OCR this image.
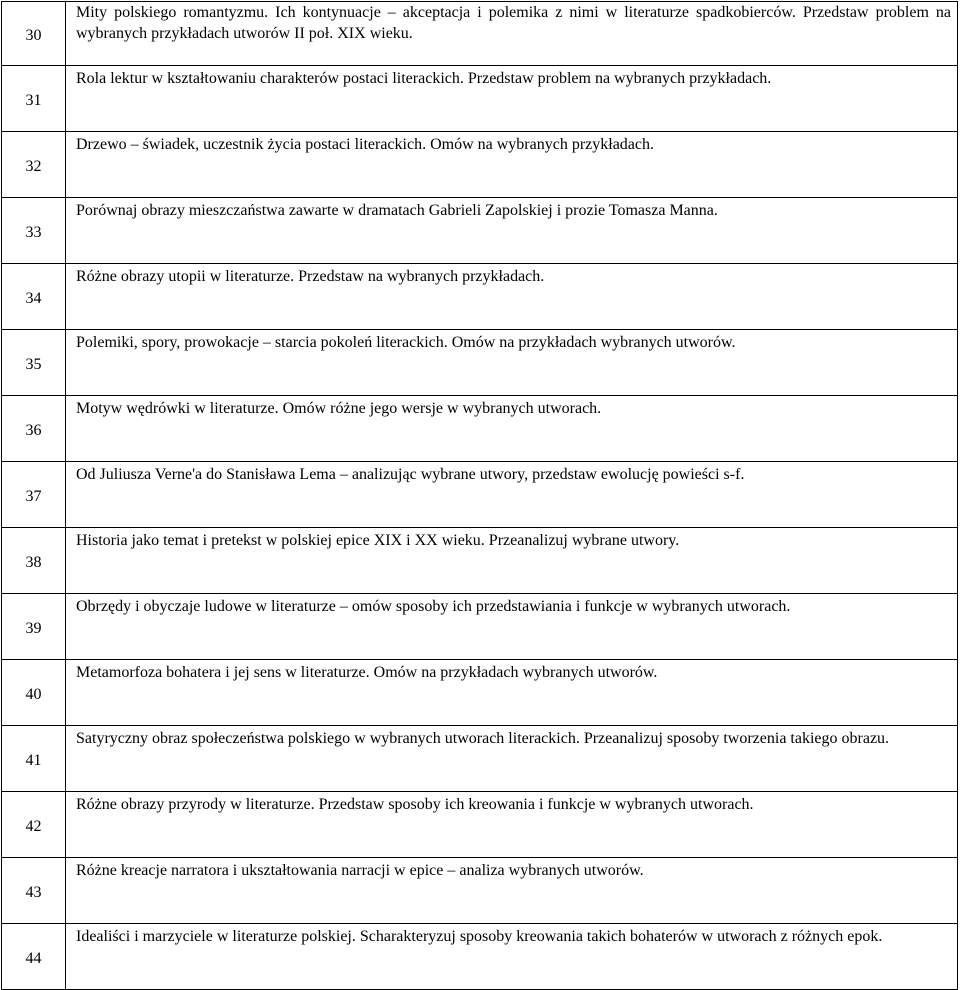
30	Mity polskiego romantyzmu. Ich kontynuacje – akceptacja i polemika z nimi w literaturze spadkobierców. Przedstaw problem na wybranych przykładach utworów II poł. XIX wieku.
31	Rola lektur w kształtowaniu charakterów postaci literackich. Przedstaw problem na wybranych przykładach.
32	Drzewo – świadek, uczestnik życia postaci literackich. Omów na wybranych przykładach.
33	Porównaj obrazy mieszczaństwa zawarte w dramatach Gabrieli Zapolskiej i prozie Tomasza Manna.
34	Różne obrazy utopii w literaturze. Przedstaw na wybranych przykładach.
35	Polemiki, spory, prowokacje – starcia pokoleń literackich. Omów na przykładach wybranych utworów.
36	Motyw wędrówki w literaturze. Omów różne jego wersje w wybranych utworach.
37	Od Juliusza Verne'a do Stanisława Lema – analizując wybrane utwory, przedstaw ewolucję powieści s-f.
38	Historia jako temat i pretekst w polskiej epice XIX i XX wieku. Przeanalizuj wybrane utwory.
39	Obrzędy i obyczaje ludowe w literaturze – omów sposoby ich przedstawiania i funkcje w wybranych utworach.
40	Metamorfoza bohatera i jej sens w literaturze. Omów na przykładach wybranych utworów.
41	Satyryczny obraz społeczeństwa polskiego w wybranych utworach literackich. Przeanalizuj sposoby tworzenia takiego obrazu.
42	Różne obrazy przyrody w literaturze. Przedstaw sposoby ich kreowania i funkcje w wybranych utworach.
43	Różne kreacje narratora i ukształtowania narracji w epice – analiza wybranych utworów.
44	Idealiści i marzyciele w literaturze polskiej. Scharakteryzuj sposoby kreowania takich bohaterów w utworach z różnych epok.
